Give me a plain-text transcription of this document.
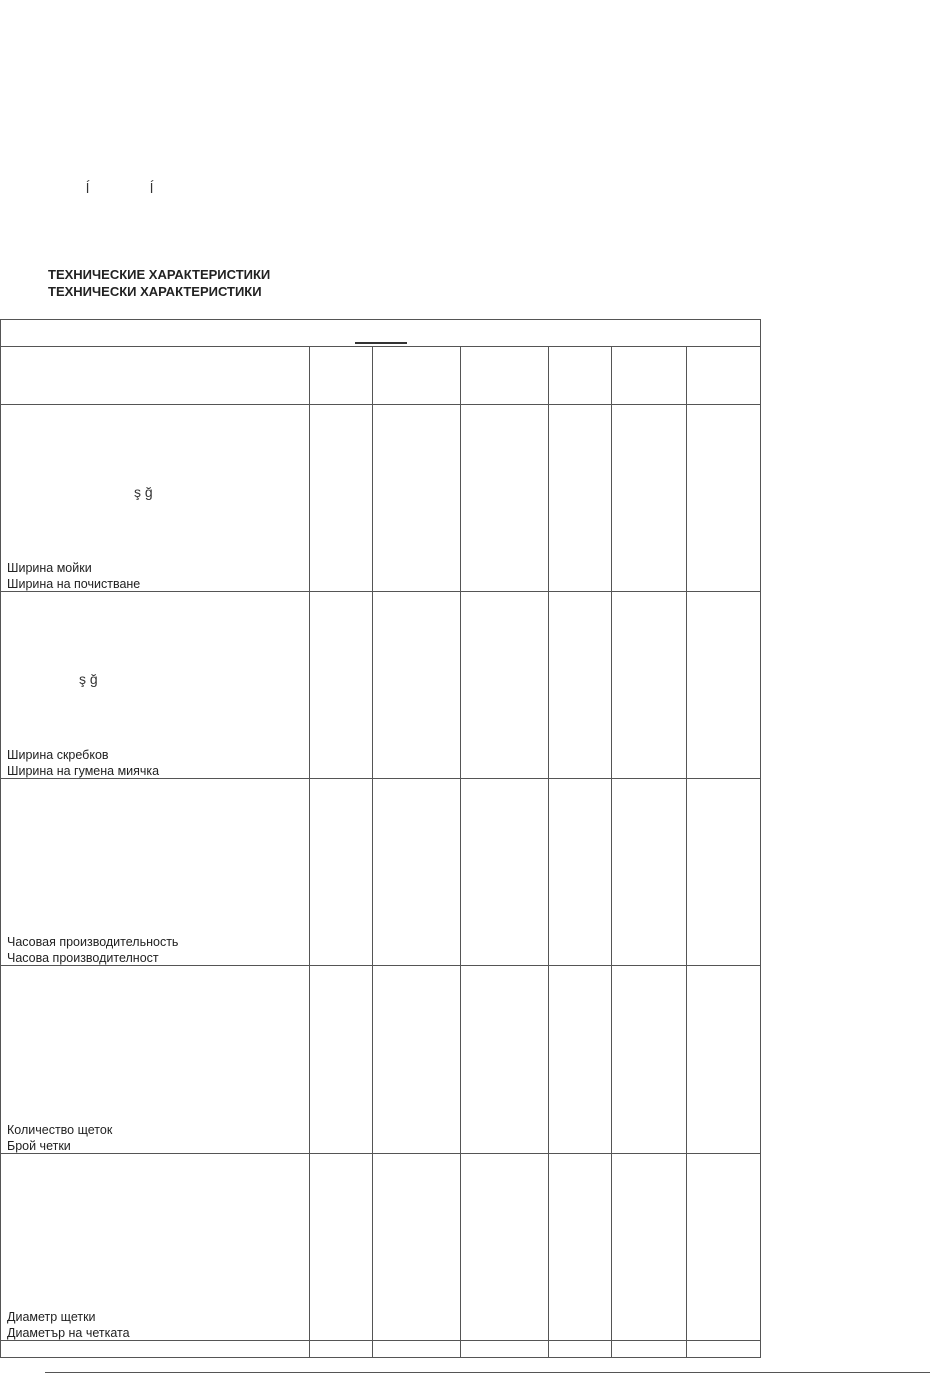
ĺ	ĺ
ТЕХНИЧЕСКИЕ ХАРАКТЕРИСТИКИ
ТЕХНИЧЕСКИ ХАРАКТЕРИСТИКИ
ş ğ
Ширина мойки
Ширина на почистване
ş ğ
Ширина скребков
Ширина на гумена миячка
Часовая производительность
Часова производителност
Количество щеток
Брой четки
Диаметр щетки
Диаметър на четката
